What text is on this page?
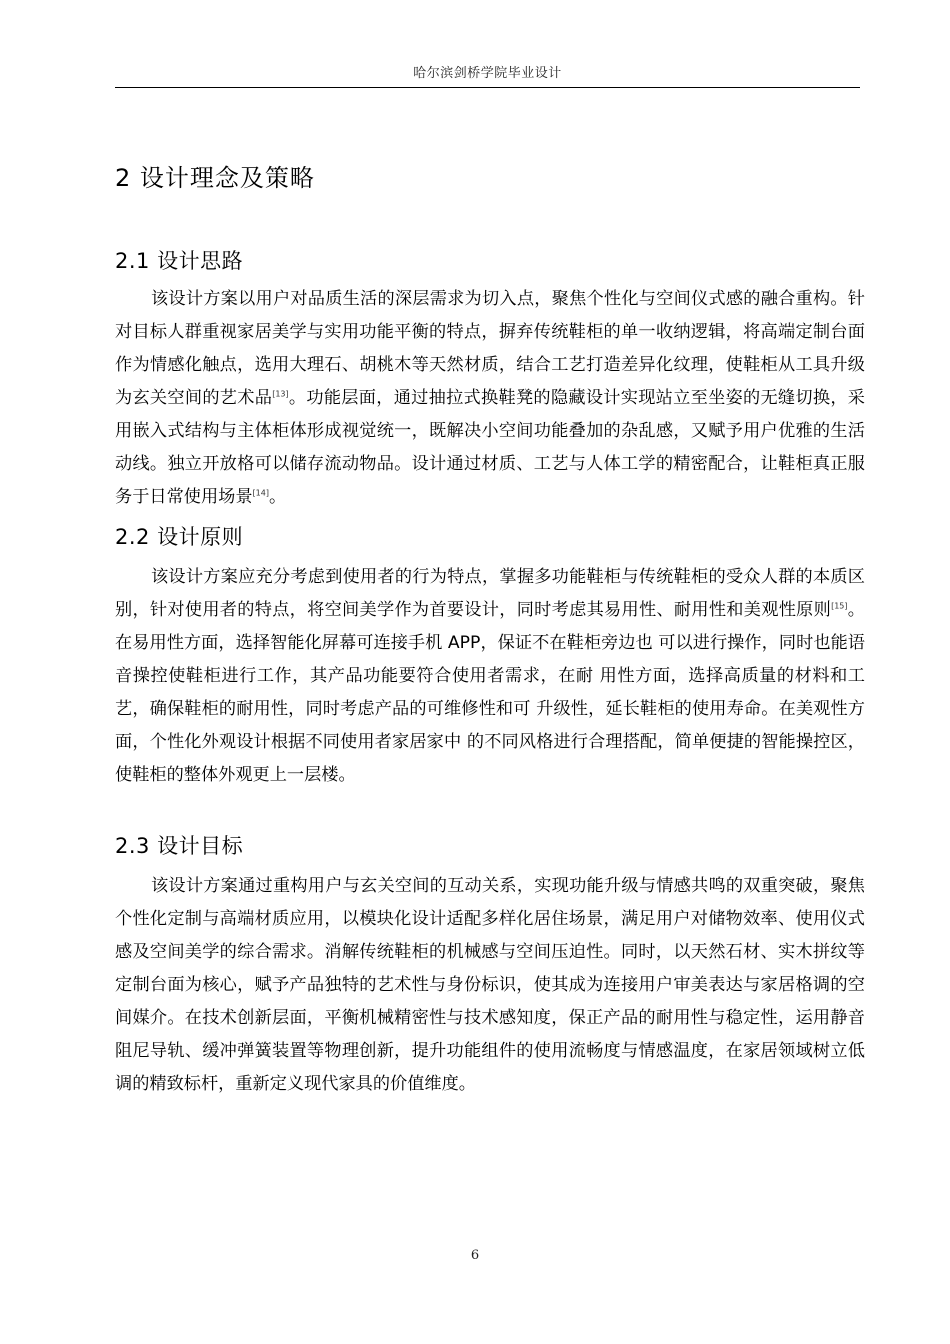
哈尔滨剑桥学院毕业设计
2 设计理念及策略
2.1 设计思路

该设计方案以用户对品质生活的深层需求为切入点，聚焦个性化与空间仪式感的融合重构。针对目标人群重视家居美学与实用功能平衡的特点，摒弃传统鞋柜的单一收纳逻辑，将高端定制台面作为情感化触点，选用大理石、胡桃木等天然材质，结合工艺打造差异化纹理，使鞋柜从工具升级为玄关空间的艺术品[13]。功能层面，通过抽拉式换鞋凳的隐藏设计实现站立至坐姿的无缝切换，采用嵌入式结构与主体柜体形成视觉统一，既解决小空间功能叠加的杂乱感，又赋予用户优雅的生活动线。独立开放格可以储存流动物品。设计通过材质、工艺与人体工学的精密配合，让鞋柜真正服务于日常使用场景[14]。

2.2 设计原则

该设计方案应充分考虑到使用者的行为特点，掌握多功能鞋柜与传统鞋柜的受众人群的本质区别，针对使用者的特点，将空间美学作为首要设计，同时考虑其易用性、耐用性和美观性原则[15]。在易用性方面，选择智能化屏幕可连接手机 APP，保证不在鞋柜旁边也 可以进行操作，同时也能语音操控使鞋柜进行工作，其产品功能要符合使用者需求，在耐 用性方面，选择高质量的材料和工艺，确保鞋柜的耐用性，同时考虑产品的可维修性和可 升级性，延长鞋柜的使用寿命。在美观性方面，个性化外观设计根据不同使用者家居家中 的不同风格进行合理搭配，简单便捷的智能操控区，使鞋柜的整体外观更上一层楼。

2.3 设计目标

该设计方案通过重构用户与玄关空间的互动关系，实现功能升级与情感共鸣的双重突破，聚焦个性化定制与高端材质应用，以模块化设计适配多样化居住场景，满足用户对储物效率、使用仪式感及空间美学的综合需求。消解传统鞋柜的机械感与空间压迫性。同时，以天然石材、实木拼纹等定制台面为核心，赋予产品独特的艺术性与身份标识，使其成为连接用户审美表达与家居格调的空间媒介。在技术创新层面，平衡机械精密性与技术感知度，保正产品的耐用性与稳定性，运用静音阻尼导轨、缓冲弹簧装置等物理创新，提升功能组件的使用流畅度与情感温度，在家居领域树立低调的精致标杆，重新定义现代家具的价值维度。

6
